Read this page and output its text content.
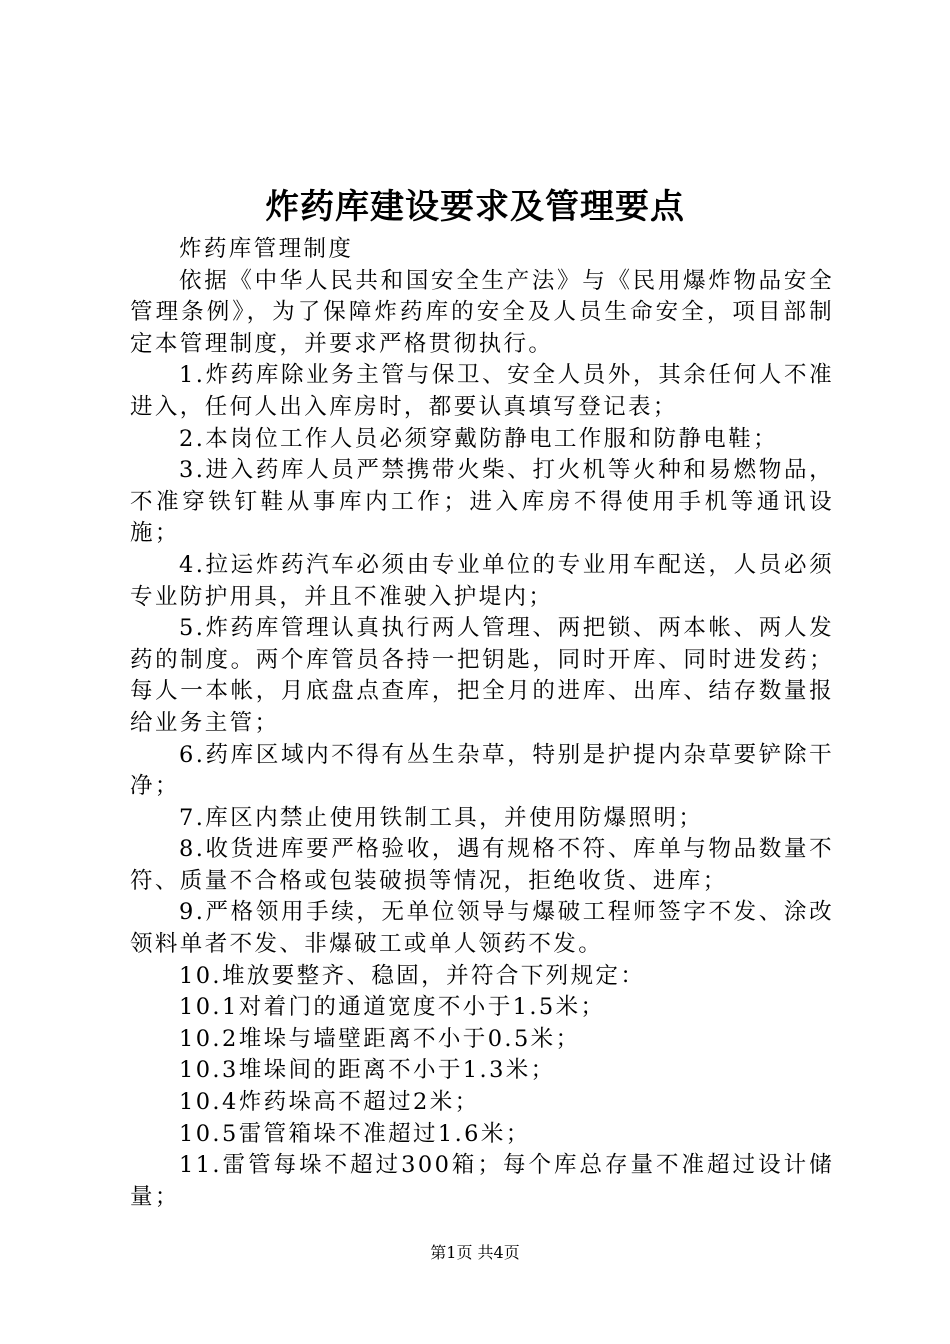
炸药库建设要求及管理要点

炸药库管理制度

依据《中华人民共和国安全生产法》与《民用爆炸物品安全管理条例》，为了保障炸药库的安全及人员生命安全，项目部制定本管理制度，并要求严格贯彻执行。

1.炸药库除业务主管与保卫、安全人员外，其余任何人不准进入，任何人出入库房时，都要认真填写登记表；

2.本岗位工作人员必须穿戴防静电工作服和防静电鞋；

3.进入药库人员严禁携带火柴、打火机等火种和易燃物品，不准穿铁钉鞋从事库内工作；进入库房不得使用手机等通讯设施；

4.拉运炸药汽车必须由专业单位的专业用车配送，人员必须专业防护用具，并且不准驶入护堤内；

5.炸药库管理认真执行两人管理、两把锁、两本帐、两人发药的制度。两个库管员各持一把钥匙，同时开库、同时进发药；每人一本帐，月底盘点查库，把全月的进库、出库、结存数量报给业务主管；

6.药库区域内不得有丛生杂草，特别是护提内杂草要铲除干净；

7.库区内禁止使用铁制工具，并使用防爆照明；

8.收货进库要严格验收，遇有规格不符、库单与物品数量不符、质量不合格或包装破损等情况，拒绝收货、进库；

9.严格领用手续，无单位领导与爆破工程师签字不发、涂改领料单者不发、非爆破工或单人领药不发。

10.堆放要整齐、稳固，并符合下列规定：

10.1对着门的通道宽度不小于1.5米；

10.2堆垛与墙壁距离不小于0.5米；

10.3堆垛间的距离不小于1.3米；

10.4炸药垛高不超过2米；

10.5雷管箱垛不准超过1.6米；

11.雷管每垛不超过300箱；每个库总存量不准超过设计储量；

第1页 共4页
